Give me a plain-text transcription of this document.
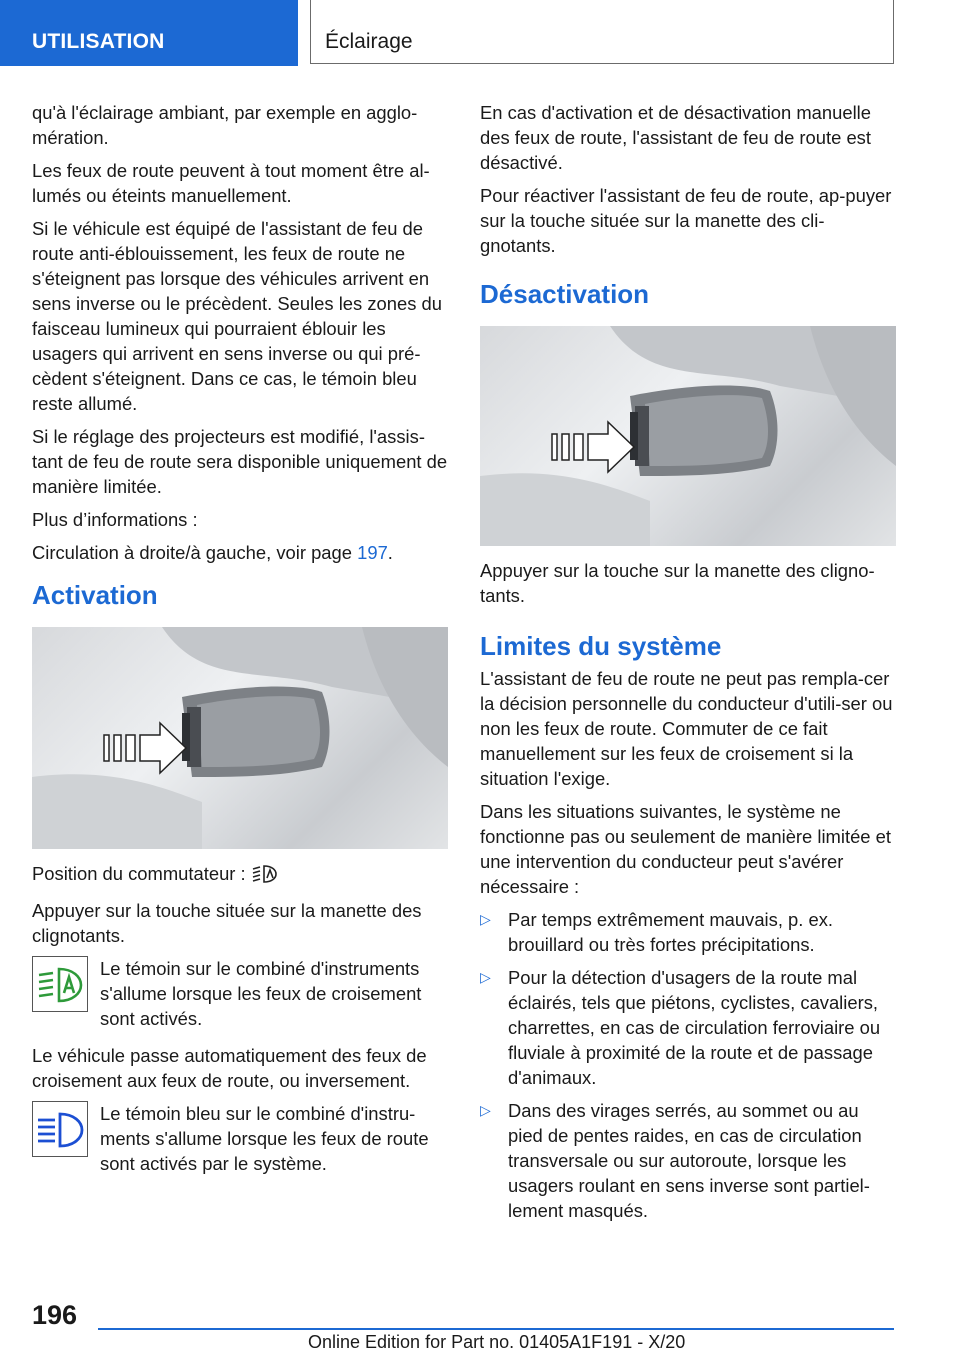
UTILISATION	Éclairage

qu'à l'éclairage ambiant, par exemple en agglo‐mération.

Les feux de route peuvent à tout moment être al‐lumés ou éteints manuellement.

Si le véhicule est équipé de l'assistant de feu de route anti-éblouissement, les feux de route ne s'éteignent pas lorsque des véhicules arrivent en sens inverse ou le précèdent. Seules les zones du faisceau lumineux qui pourraient éblouir les usagers qui arrivent en sens inverse ou qui pré‐cèdent s'éteignent. Dans ce cas, le témoin bleu reste allumé.

Si le réglage des projecteurs est modifié, l'assis‐tant de feu de route sera disponible uniquement de manière limitée.

Plus d’informations :

Circulation à droite/à gauche, voir page 197.

Activation

Position du commutateur :

Appuyer sur la touche située sur la manette des clignotants.

Le témoin sur le combiné d'instruments s'allume lorsque les feux de croisement sont activés.

Le véhicule passe automatiquement des feux de croisement aux feux de route, ou inversement.

Le témoin bleu sur le combiné d'instru‐ments s'allume lorsque les feux de route sont activés par le système.

En cas d'activation et de désactivation manuelle des feux de route, l'assistant de feu de route est désactivé.

Pour réactiver l'assistant de feu de route, ap‐puyer sur la touche située sur la manette des cli‐gnotants.

Désactivation

Appuyer sur la touche sur la manette des cligno‐tants.

Limites du système

L'assistant de feu de route ne peut pas rempla‐cer la décision personnelle du conducteur d'utili‐ser ou non les feux de route. Commuter de ce fait manuellement sur les feux de croisement si la situation l'exige.

Dans les situations suivantes, le système ne fonctionne pas ou seulement de manière limitée et une intervention du conducteur peut s'avérer nécessaire :

▷ Par temps extrêmement mauvais, p. ex. brouillard ou très fortes précipitations.
▷ Pour la détection d'usagers de la route mal éclairés, tels que piétons, cyclistes, cavaliers, charrettes, en cas de circulation ferroviaire ou fluviale à proximité de la route et de passage d'animaux.
▷ Dans des virages serrés, au sommet ou au pied de pentes raides, en cas de circulation transversale ou sur autoroute, lorsque les usagers roulant en sens inverse sont partiel‐lement masqués.
196
Online Edition for Part no. 01405A1F191 - X/20
